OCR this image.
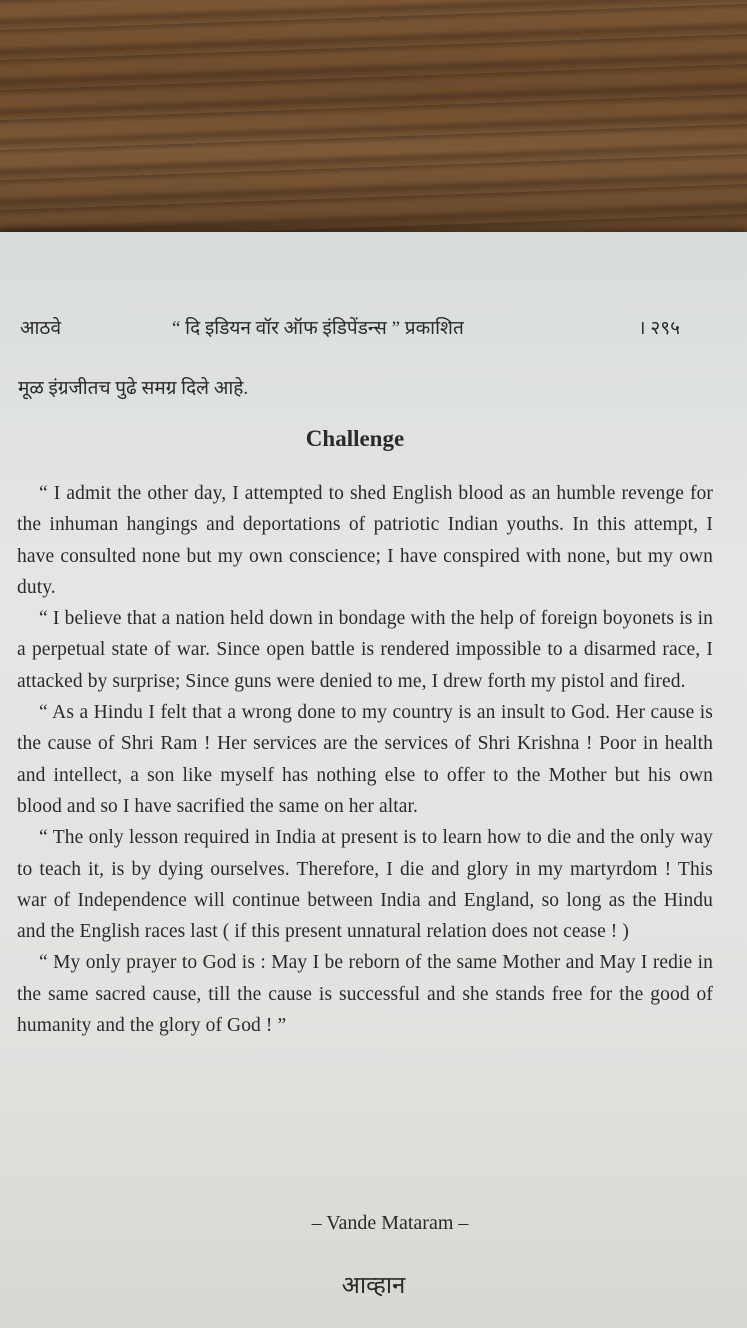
आठवे	“ दि इडियन वॉर ऑफ इंडिपेंडन्स ” प्रकाशित	। २९५
मूळ इंग्रजीतच पुढे समग्र दिले आहे.
Challenge

“ I admit the other day, I attempted to shed English blood as an humble revenge for the inhuman hangings and deportations of patriotic Indian youths. In this attempt, I have consulted none but my own conscience; I have conspired with none, but my own duty.

“ I believe that a nation held down in bondage with the help of foreign boyonets is in a perpetual state of war. Since open battle is rendered impossible to a disarmed race, I attacked by surprise; Since guns were denied to me, I drew forth my pistol and fired.

“ As a Hindu I felt that a wrong done to my country is an insult to God. Her cause is the cause of Shri Ram ! Her services are the services of Shri Krishna ! Poor in health and intellect, a son like myself has nothing else to offer to the Mother but his own blood and so I have sacrified the same on her altar.

“ The only lesson required in India at present is to learn how to die and the only way to teach it, is by dying ourselves. Therefore, I die and glory in my martyrdom ! This war of Independence will continue between India and England, so long as the Hindu and the English races last ( if this present unnatural relation does not cease ! )

“ My only prayer to God is : May I be reborn of the same Mother and May I redie in the same sacred cause, till the cause is successful and she stands free for the good of humanity and the glory of God ! ”

– Vande Mataram –
आव्हान
